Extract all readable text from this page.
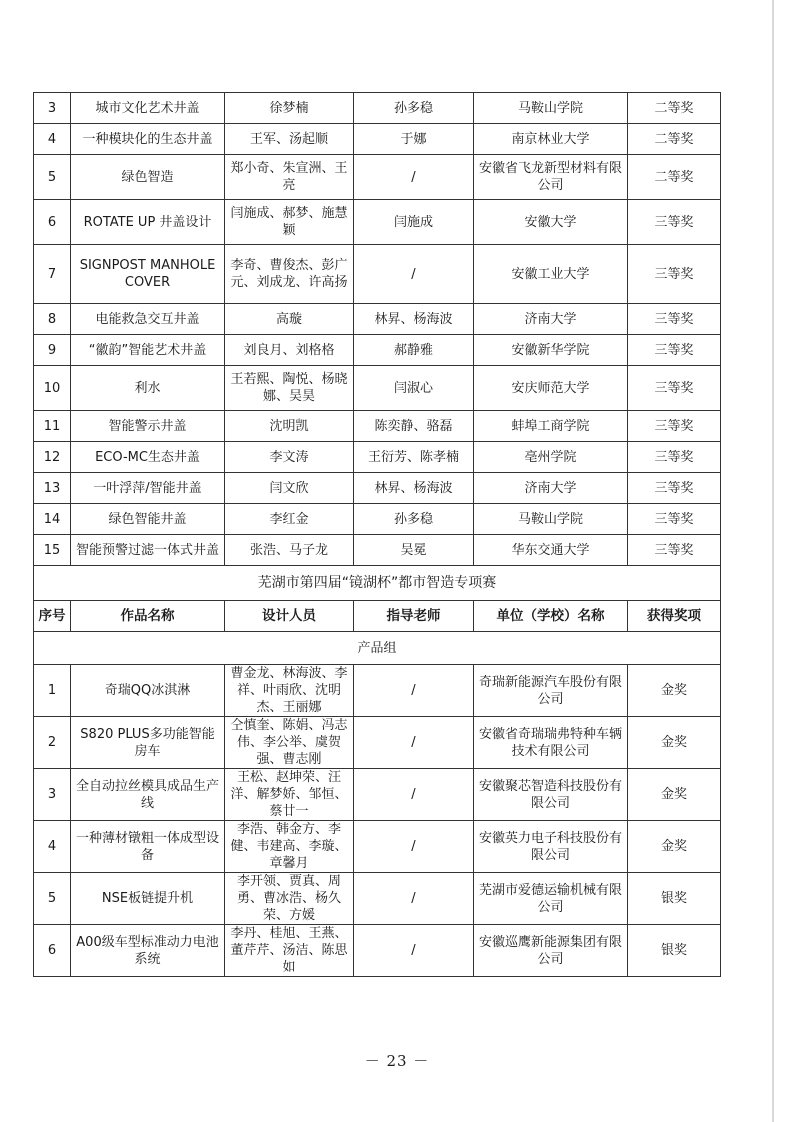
3	城市文化艺术井盖	徐梦楠	孙多稳	马鞍山学院	二等奖
4	一种模块化的生态井盖	王军、汤起顺	于娜	南京林业大学	二等奖
5	绿色智造	郑小奇、朱宣洲、王亮	/	安徽省飞龙新型材料有限公司	二等奖
6	ROTATE UP 井盖设计	闫施成、郝梦、施慧颖	闫施成	安徽大学	三等奖
7	SIGNPOST MANHOLE COVER	李奇、曹俊杰、彭广元、刘成龙、许高扬	/	安徽工业大学	三等奖
8	电能救急交互井盖	高璇	林昇、杨海波	济南大学	三等奖
9	“徽韵”智能艺术井盖	刘良月、刘格格	郝静雅	安徽新华学院	三等奖
10	利水	王若熙、陶悦、杨晓娜、吴昊	闫淑心	安庆师范大学	三等奖
11	智能警示井盖	沈明凯	陈奕静、骆磊	蚌埠工商学院	三等奖
12	ECO-MC生态井盖	李文涛	王衍芳、陈孝楠	亳州学院	三等奖
13	一叶浮萍/智能井盖	闫文欣	林昇、杨海波	济南大学	三等奖
14	绿色智能井盖	李红金	孙多稳	马鞍山学院	三等奖
15	智能预警过滤一体式井盖	张浩、马子龙	吴冕	华东交通大学	三等奖
芜湖市第四届“镜湖杯”都市智造专项赛					
序号	作品名称	设计人员	指导老师	单位（学校）名称	获得奖项
产品组					
1	奇瑞QQ冰淇淋	曹金龙、林海波、李祥、叶雨欣、沈明杰、王丽娜	/	奇瑞新能源汽车股份有限公司	金奖
2	S820 PLUS多功能智能房车	仝慎奎、陈娟、冯志伟、李公举、虞贺强、曹志刚	/	安徽省奇瑞瑞弗特种车辆技术有限公司	金奖
3	全自动拉丝模具成品生产线	王松、赵坤荣、汪洋、解梦娇、邹恒、蔡廿一	/	安徽聚芯智造科技股份有限公司	金奖
4	一种薄材镦粗一体成型设备	李浩、韩金方、李健、韦建高、李璇、章馨月	/	安徽英力电子科技股份有限公司	金奖
5	NSE板链提升机	李开领、贾真、周勇、曹冰浩、杨久荣、方媛	/	芜湖市爱德运输机械有限公司	银奖
6	A00级车型标准动力电池系统	李丹、桂旭、王燕、董芹芹、汤洁、陈思如	/	安徽巡鹰新能源集团有限公司	银奖
－ 23 －
